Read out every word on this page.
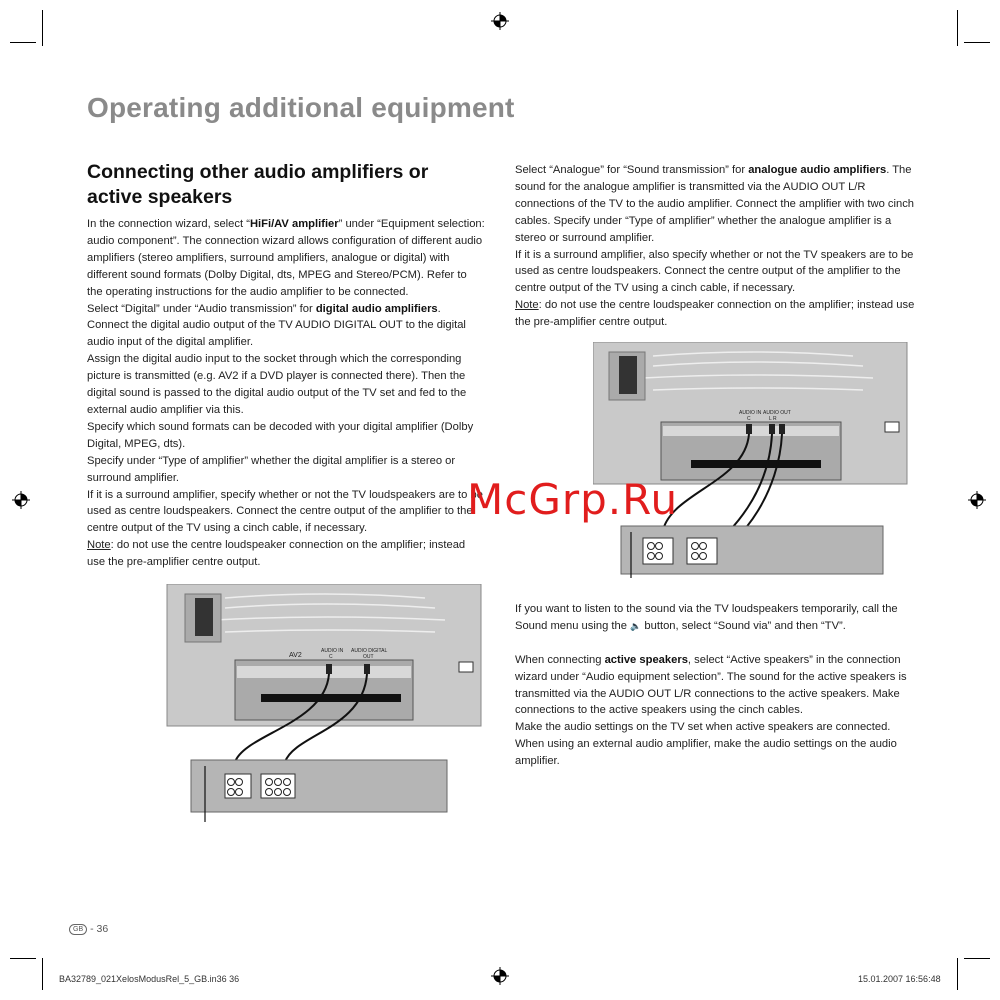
Operating additional equipment
Connecting other audio amplifiers or active speakers

In the connection wizard, select “HiFi/AV amplifier” under “Equipment selection: audio component”. The connection wizard allows configuration of different audio amplifiers (stereo amplifiers, surround amplifiers, analogue or digital) with different sound formats (Dolby Digital, dts, MPEG and Stereo/PCM). Refer to the operating instructions for the audio amplifier to be connected.

Select “Digital” under “Audio transmission” for digital audio amplifiers. Connect the digital audio output of the TV AUDIO DIGITAL OUT to the digital audio input of the digital amplifier.

Assign the digital audio input to the socket through which the corresponding picture is transmitted (e.g. AV2 if a DVD player is connected there). Then the digital sound is passed to the digital audio output of the TV set and fed to the external audio amplifier via this.

Specify which sound formats can be decoded with your digital amplifier (Dolby Digital, MPEG, dts).

Specify under “Type of amplifier” whether the digital amplifier is a stereo or surround amplifier.

If it is a surround amplifier, specify whether or not the TV loudspeakers are to be used as centre loudspeakers. Connect the centre output of the amplifier to the centre output of the TV using a cinch cable, if necessary.

Note: do not use the centre loudspeaker connection on the amplifier; instead use the pre-amplifier centre output.

Select “Analogue” for “Sound transmission” for analogue audio amplifiers. The sound for the analogue amplifier is transmitted via the AUDIO OUT L/R connections of the TV to the audio amplifier. Connect the amplifier with two cinch cables. Specify under “Type of amplifier” whether the analogue amplifier is a stereo or surround amplifier.

If it is a surround amplifier, also specify whether or not the TV speakers are to be used as centre loudspeakers. Connect the centre output of the amplifier to the centre output of the TV using a cinch cable, if necessary.

Note: do not use the centre loudspeaker connection on the amplifier; instead use the pre-amplifier centre output.

If you want to listen to the sound via the TV loudspeakers temporarily, call the Sound menu using the 🔈 button, select “Sound via” and then “TV”.

When connecting active speakers, select “Active speakers” in the connection wizard under “Audio equipment selection”. The sound for the active speakers is transmitted via the AUDIO OUT L/R connections to the active speakers. Make connections to the active speakers using the cinch cables.

Make the audio settings on the TV set when active speakers are connected. When using an external audio amplifier, make the audio settings on the audio amplifier.

AV2
AUDIO IN
C
AUDIO DIGITAL
OUT
AUDIO IN
C
AUDIO OUT
L R
McGrp.Ru
GB - 36
BA32789_021XelosModusRel_5_GB.in36 36	15.01.2007 16:56:48
